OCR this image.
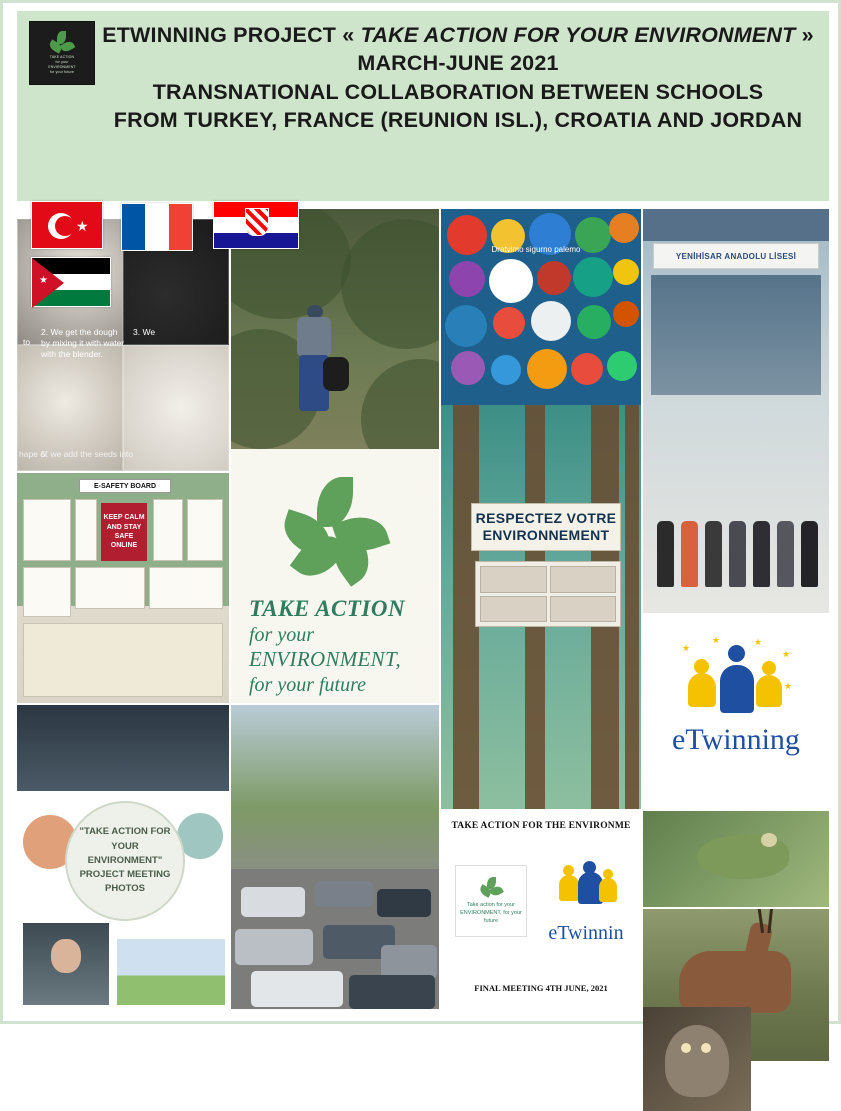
TAKE ACTION
for your
ENVIRONMENT
for your future
ETWINNING PROJECT « TAKE ACTION FOR YOUR ENVIRONMENT »
MARCH-JUNE 2021
TRANSNATIONAL COLLABORATION BETWEEN SCHOOLS
FROM TURKEY, FRANCE (REUNION ISL.), CROATIA AND JORDAN
to
2. We get the dough by mixing it with water with the blender.
3. We
hape of
5. we add the seeds into
Dratvimo sigurno palemo
YENİHİSAR ANADOLU LİSESİ
E-SAFETY BOARD
KEEP CALM AND STAY SAFE ONLINE
TAKE ACTION
for your
ENVIRONMENT,
for your future
RESPECTEZ VOTRE
ENVIRONNEMENT
★
★	★
★
★
eTwinning
"TAKE ACTION FOR YOUR ENVIRONMENT" PROJECT MEETING PHOTOS
TAKE ACTION FOR THE ENVIRONME
Take action for your ENVIRONMENT, for your future
eTwinnin
FINAL MEETING 4TH JUNE, 2021
★
★
